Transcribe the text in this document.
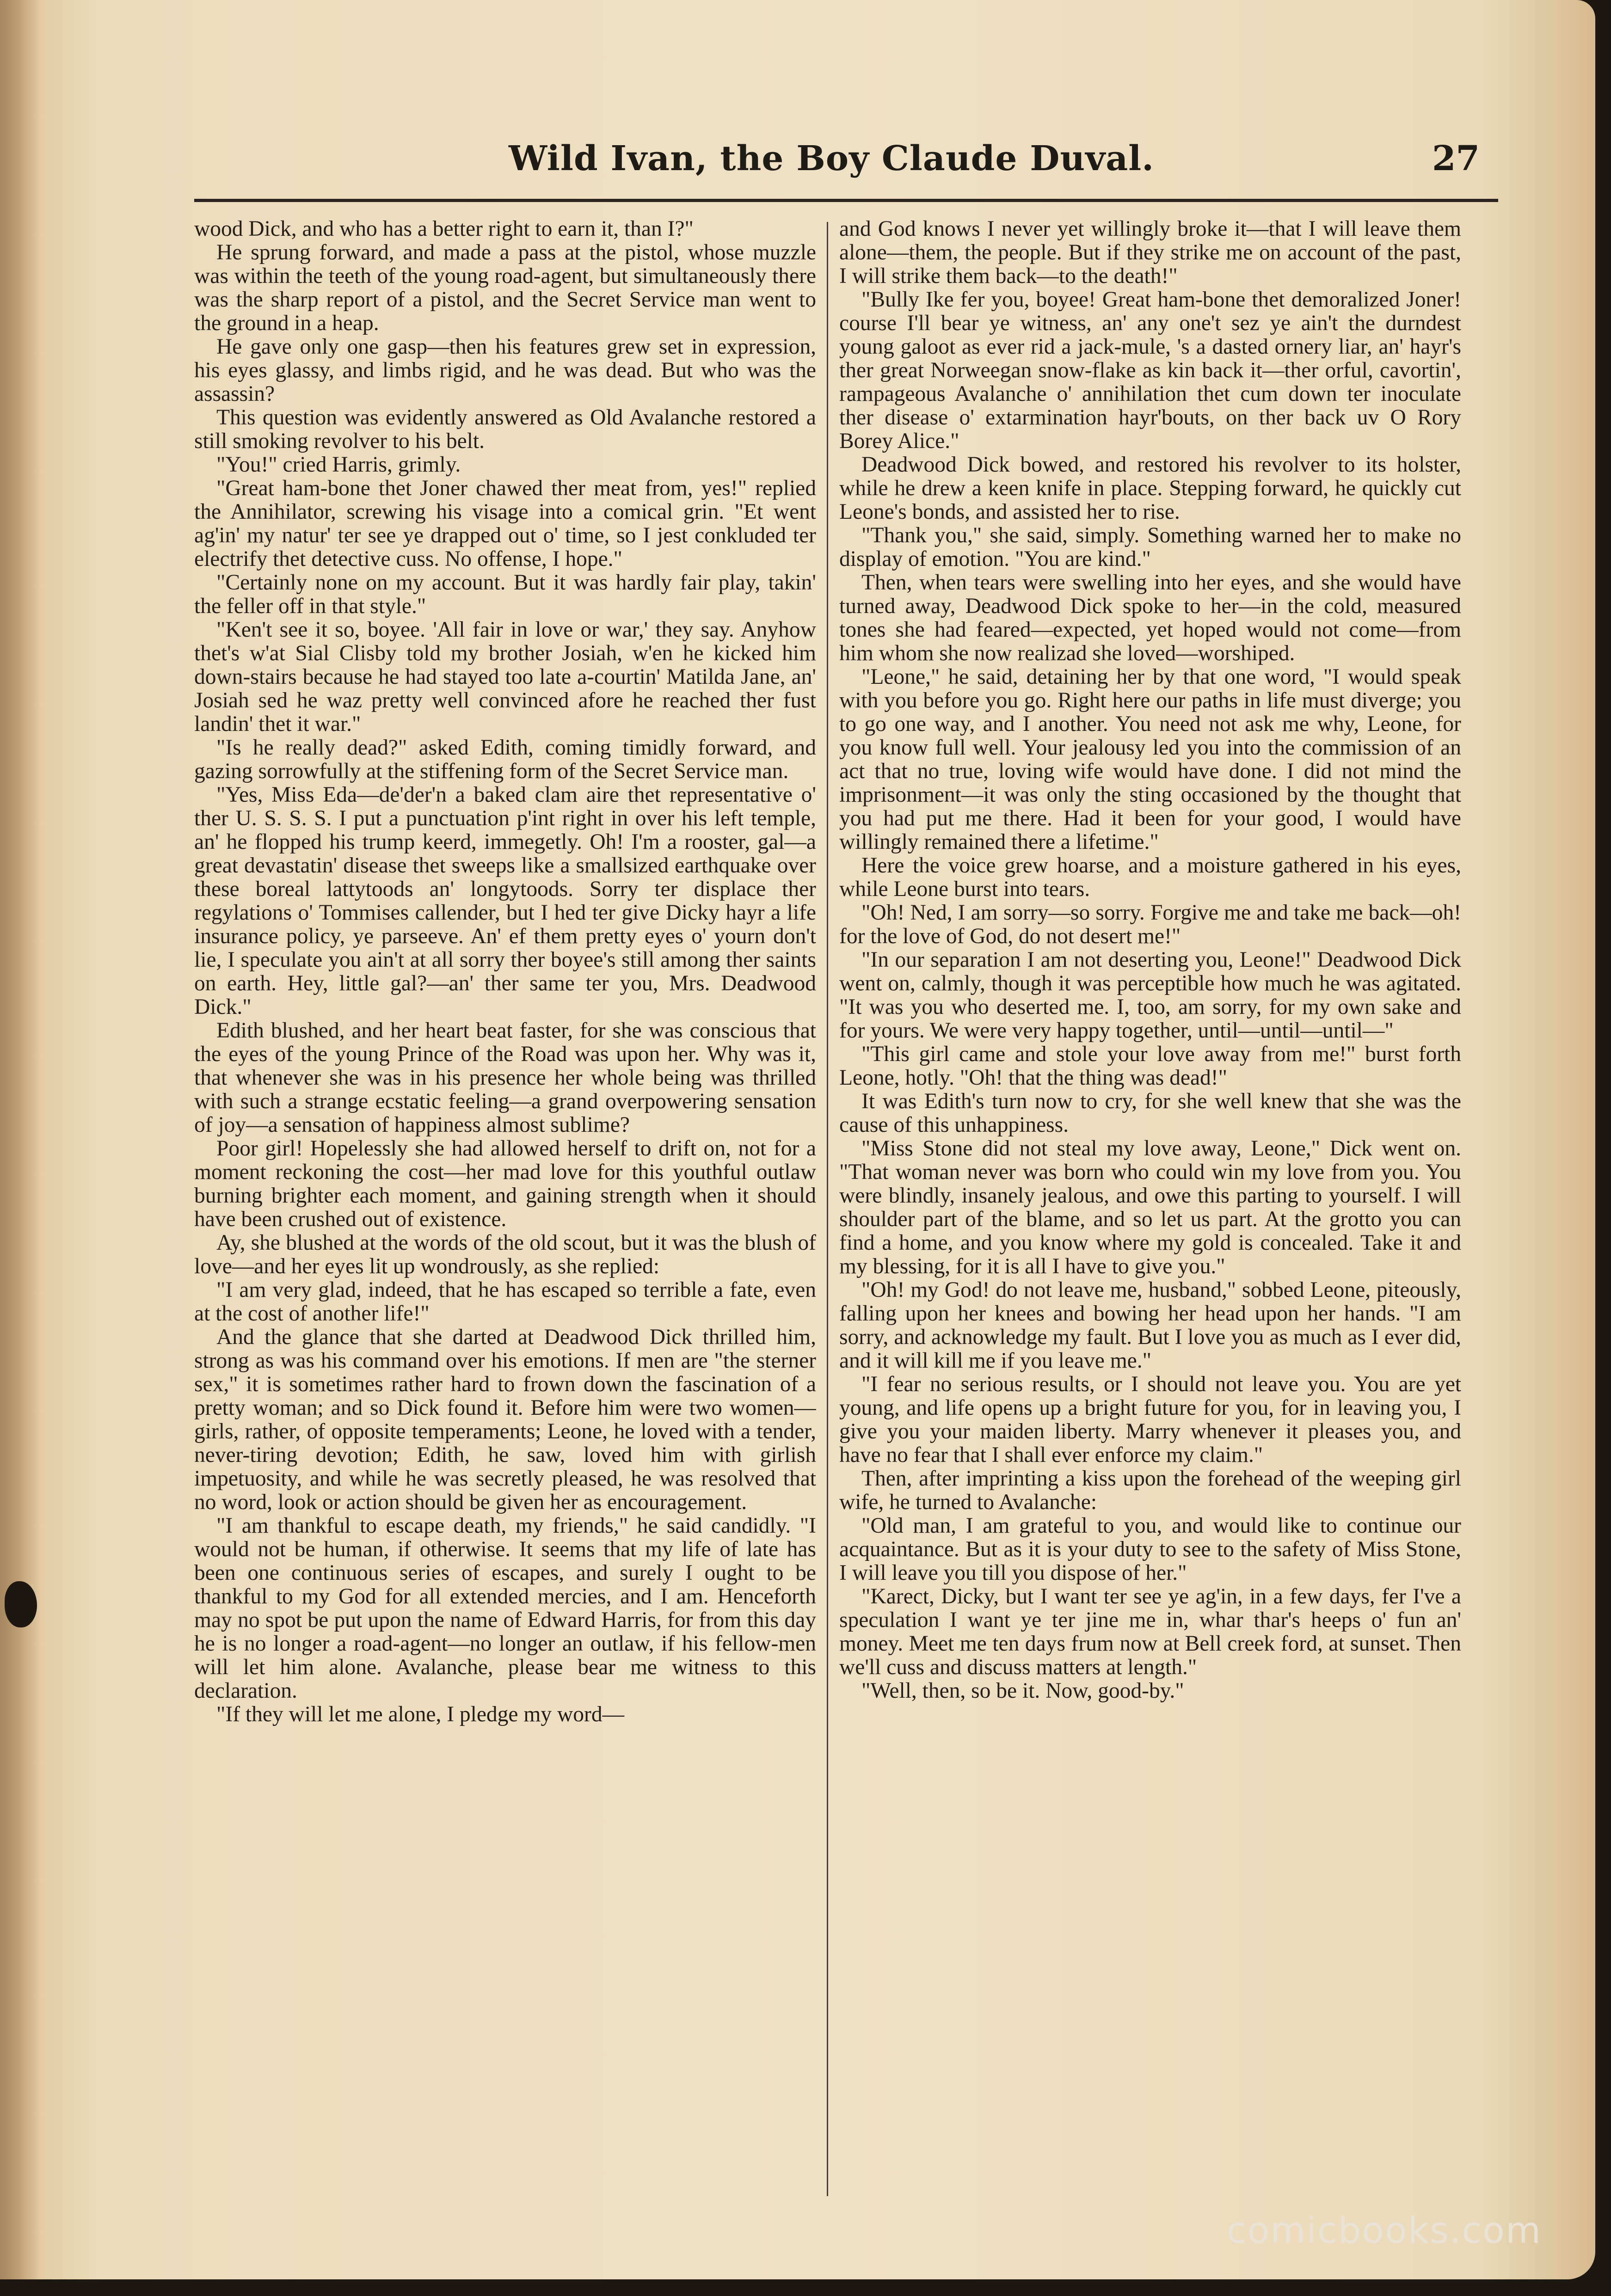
Wild Ivan, the Boy Claude Duval.	27

wood Dick, and who has a better right to earn it, than I?"

He sprung forward, and made a pass at the pistol, whose muzzle was within the teeth of the young road-agent, but simultaneously there was the sharp report of a pistol, and the Secret Service man went to the ground in a heap.

He gave only one gasp—then his features grew set in expression, his eyes glassy, and limbs rigid, and he was dead. But who was the assassin?

This question was evidently answered as Old Avalanche restored a still smoking revolver to his belt.

"You!" cried Harris, grimly.

"Great ham-bone thet Joner chawed ther meat from, yes!" replied the Annihilator, screwing his visage into a comical grin. "Et went ag'in' my natur' ter see ye drapped out o' time, so I jest conkluded ter electrify thet detective cuss. No offense, I hope."

"Certainly none on my account. But it was hardly fair play, takin' the feller off in that style."

"Ken't see it so, boyee. 'All fair in love or war,' they say. Anyhow thet's w'at Sial Clisby told my brother Josiah, w'en he kicked him down-stairs because he had stayed too late a-courtin' Matilda Jane, an' Josiah sed he waz pretty well convinced afore he reached ther fust landin' thet it war."

"Is he really dead?" asked Edith, coming timidly forward, and gazing sorrowfully at the stiffening form of the Secret Service man.

"Yes, Miss Eda—de'der'n a baked clam aire thet representative o' ther U. S. S. S. I put a punctuation p'int right in over his left temple, an' he flopped his trump keerd, immegetly. Oh! I'm a rooster, gal—a great devastatin' disease thet sweeps like a smallsized earthquake over these boreal lattytoods an' longytoods. Sorry ter displace ther regylations o' Tommises callender, but I hed ter give Dicky hayr a life insurance policy, ye parseeve. An' ef them pretty eyes o' yourn don't lie, I speculate you ain't at all sorry ther boyee's still among ther saints on earth. Hey, little gal?—an' ther same ter you, Mrs. Deadwood Dick."

Edith blushed, and her heart beat faster, for she was conscious that the eyes of the young Prince of the Road was upon her. Why was it, that whenever she was in his presence her whole being was thrilled with such a strange ecstatic feeling—a grand overpowering sensation of joy—a sensation of happiness almost sublime?

Poor girl! Hopelessly she had allowed herself to drift on, not for a moment reckoning the cost—her mad love for this youthful outlaw burning brighter each moment, and gaining strength when it should have been crushed out of existence.

Ay, she blushed at the words of the old scout, but it was the blush of love—and her eyes lit up wondrously, as she replied:

"I am very glad, indeed, that he has escaped so terrible a fate, even at the cost of another life!"

And the glance that she darted at Deadwood Dick thrilled him, strong as was his command over his emotions. If men are "the sterner sex," it is sometimes rather hard to frown down the fascination of a pretty woman; and so Dick found it. Before him were two women—girls, rather, of opposite temperaments; Leone, he loved with a tender, never-tiring devotion; Edith, he saw, loved him with girlish impetuosity, and while he was secretly pleased, he was resolved that no word, look or action should be given her as encouragement.

"I am thankful to escape death, my friends," he said candidly. "I would not be human, if otherwise. It seems that my life of late has been one continuous series of escapes, and surely I ought to be thankful to my God for all extended mercies, and I am. Henceforth may no spot be put upon the name of Edward Harris, for from this day he is no longer a road-agent—no longer an outlaw, if his fellow-men will let him alone. Avalanche, please bear me witness to this declaration.

"If they will let me alone, I pledge my word—

and God knows I never yet willingly broke it—that I will leave them alone—them, the people. But if they strike me on account of the past, I will strike them back—to the death!"

"Bully Ike fer you, boyee! Great ham-bone thet demoralized Joner! course I'll bear ye witness, an' any one't sez ye ain't the durndest young galoot as ever rid a jack-mule, 's a dasted ornery liar, an' hayr's ther great Norweegan snow-flake as kin back it—ther orful, cavortin', rampageous Avalanche o' annihilation thet cum down ter inoculate ther disease o' extarmination hayr'bouts, on ther back uv O Rory Borey Alice."

Deadwood Dick bowed, and restored his revolver to its holster, while he drew a keen knife in place. Stepping forward, he quickly cut Leone's bonds, and assisted her to rise.

"Thank you," she said, simply. Something warned her to make no display of emotion. "You are kind."

Then, when tears were swelling into her eyes, and she would have turned away, Deadwood Dick spoke to her—in the cold, measured tones she had feared—expected, yet hoped would not come—from him whom she now realizad she loved—worshiped.

"Leone," he said, detaining her by that one word, "I would speak with you before you go. Right here our paths in life must diverge; you to go one way, and I another. You need not ask me why, Leone, for you know full well. Your jealousy led you into the commission of an act that no true, loving wife would have done. I did not mind the imprisonment—it was only the sting occasioned by the thought that you had put me there. Had it been for your good, I would have willingly remained there a lifetime."

Here the voice grew hoarse, and a moisture gathered in his eyes, while Leone burst into tears.

"Oh! Ned, I am sorry—so sorry. Forgive me and take me back—oh! for the love of God, do not desert me!"

"In our separation I am not deserting you, Leone!" Deadwood Dick went on, calmly, though it was perceptible how much he was agitated. "It was you who deserted me. I, too, am sorry, for my own sake and for yours. We were very happy together, until—until—until—"

"This girl came and stole your love away from me!" burst forth Leone, hotly. "Oh! that the thing was dead!"

It was Edith's turn now to cry, for she well knew that she was the cause of this unhappiness.

"Miss Stone did not steal my love away, Leone," Dick went on. "That woman never was born who could win my love from you. You were blindly, insanely jealous, and owe this parting to yourself. I will shoulder part of the blame, and so let us part. At the grotto you can find a home, and you know where my gold is concealed. Take it and my blessing, for it is all I have to give you."

"Oh! my God! do not leave me, husband," sobbed Leone, piteously, falling upon her knees and bowing her head upon her hands. "I am sorry, and acknowledge my fault. But I love you as much as I ever did, and it will kill me if you leave me."

"I fear no serious results, or I should not leave you. You are yet young, and life opens up a bright future for you, for in leaving you, I give you your maiden liberty. Marry whenever it pleases you, and have no fear that I shall ever enforce my claim."

Then, after imprinting a kiss upon the forehead of the weeping girl wife, he turned to Avalanche:

"Old man, I am grateful to you, and would like to continue our acquaintance. But as it is your duty to see to the safety of Miss Stone, I will leave you till you dispose of her."

"Karect, Dicky, but I want ter see ye ag'in, in a few days, fer I've a speculation I want ye ter jine me in, whar thar's heeps o' fun an' money. Meet me ten days frum now at Bell creek ford, at sunset. Then we'll cuss and discuss matters at length."

"Well, then, so be it. Now, good-by."

comicbooks.com
